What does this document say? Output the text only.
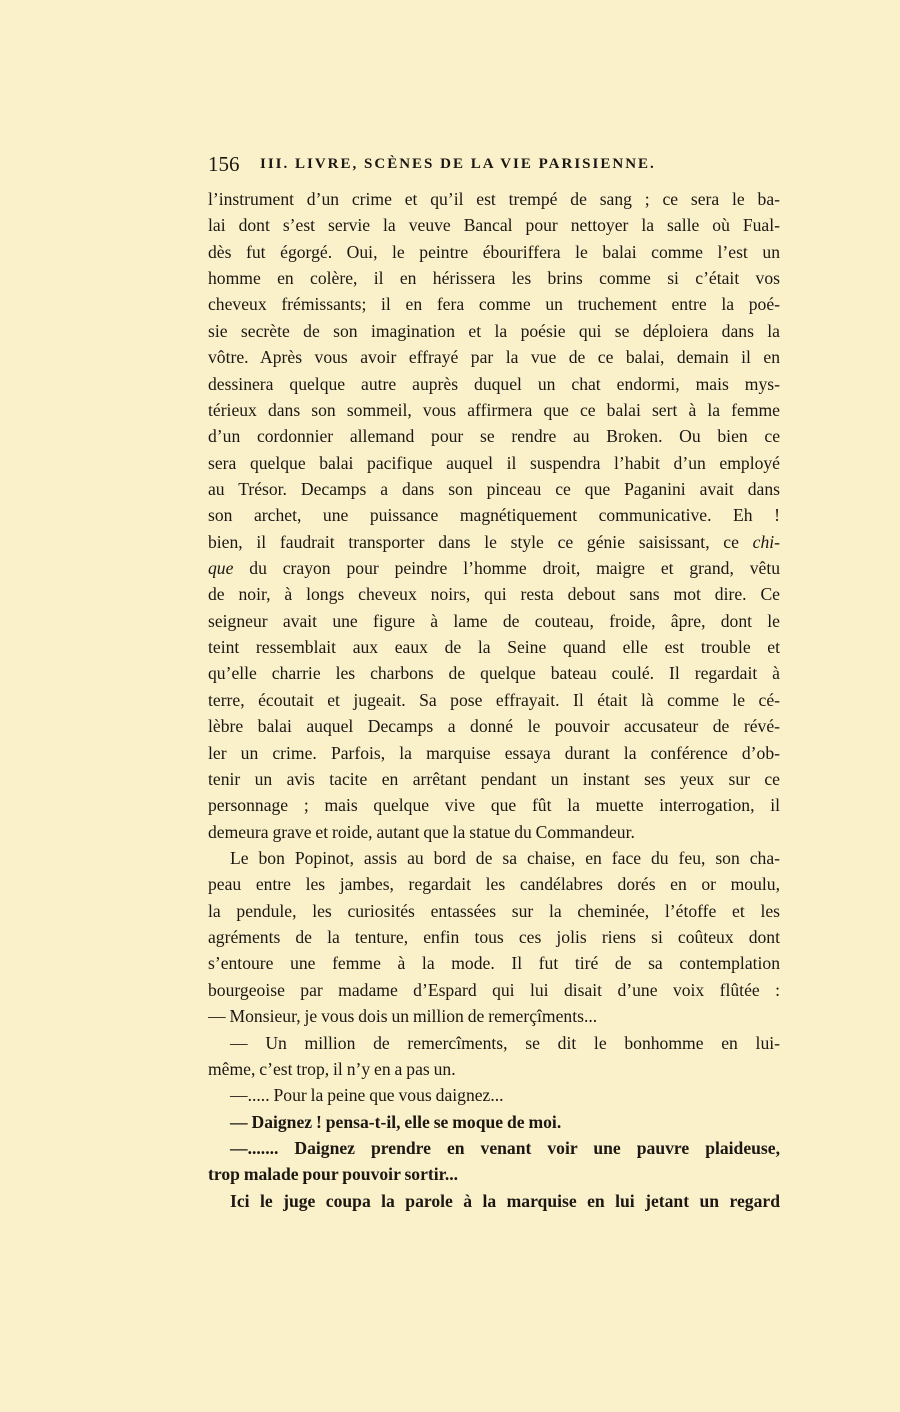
156 III. LIVRE, SCÈNES DE LA VIE PARISIENNE.
l’instrument d’un crime et qu’il est trempé de sang ; ce sera le ba-
lai dont s’est servie la veuve Bancal pour nettoyer la salle où Fual-
dès fut égorgé. Oui, le peintre ébouriffera le balai comme l’est un
homme en colère, il en hérissera les brins comme si c’était vos
cheveux frémissants; il en fera comme un truchement entre la poé-
sie secrète de son imagination et la poésie qui se déploiera dans la
vôtre. Après vous avoir effrayé par la vue de ce balai, demain il en
dessinera quelque autre auprès duquel un chat endormi, mais mys-
térieux dans son sommeil, vous affirmera que ce balai sert à la femme
d’un cordonnier allemand pour se rendre au Broken. Ou bien ce
sera quelque balai pacifique auquel il suspendra l’habit d’un employé
au Trésor. Decamps a dans son pinceau ce que Paganini avait dans
son archet, une puissance magnétiquement communicative. Eh !
bien, il faudrait transporter dans le style ce génie saisissant, ce chi-
que du crayon pour peindre l’homme droit, maigre et grand, vêtu
de noir, à longs cheveux noirs, qui resta debout sans mot dire. Ce
seigneur avait une figure à lame de couteau, froide, âpre, dont le
teint ressemblait aux eaux de la Seine quand elle est trouble et
qu’elle charrie les charbons de quelque bateau coulé. Il regardait à
terre, écoutait et jugeait. Sa pose effrayait. Il était là comme le cé-
lèbre balai auquel Decamps a donné le pouvoir accusateur de révé-
ler un crime. Parfois, la marquise essaya durant la conférence d’ob-
tenir un avis tacite en arrêtant pendant un instant ses yeux sur ce
personnage ; mais quelque vive que fût la muette interrogation, il
demeura grave et roide, autant que la statue du Commandeur.
Le bon Popinot, assis au bord de sa chaise, en face du feu, son cha-
peau entre les jambes, regardait les candélabres dorés en or moulu,
la pendule, les curiosités entassées sur la cheminée, l’étoffe et les
agréments de la tenture, enfin tous ces jolis riens si coûteux dont
s’entoure une femme à la mode. Il fut tiré de sa contemplation
bourgeoise par madame d’Espard qui lui disait d’une voix flûtée :
— Monsieur, je vous dois un million de remerçîments...
— Un million de remercîments, se dit le bonhomme en lui-
même, c’est trop, il n’y en a pas un.
—..... Pour la peine que vous daignez...
— Daignez ! pensa-t-il, elle se moque de moi.
—....... Daignez prendre en venant voir une pauvre plaideuse,
trop malade pour pouvoir sortir...
Ici le juge coupa la parole à la marquise en lui jetant un regard
